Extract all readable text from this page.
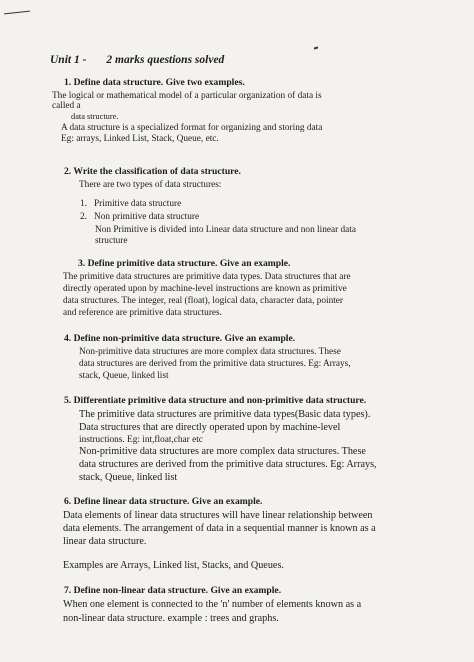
Unit 1 - 2 marks questions solved
1. Define data structure. Give two examples.
The logical or mathematical model of a particular organization of data is
called a
data structure.
A data structure is a specialized format for organizing and storing data
Eg: arrays, Linked List, Stack, Queue, etc.
2. Write the classification of data structure.
There are two types of data structures:
1. Primitive data structure
2. Non primitive data structure
Non Primitive is divided into Linear data structure and non linear data
structure
3. Define primitive data structure. Give an example.
The primitive data structures are primitive data types. Data structures that are
directly operated upon by machine-level instructions are known as primitive
data structures. The integer, real (float), logical data, character data, pointer
and reference are primitive data structures.
4. Define non-primitive data structure. Give an example.
Non-primitive data structures are more complex data structures. These
data structures are derived from the primitive data structures. Eg: Arrays,
stack, Queue, linked list
5. Differentiate primitive data structure and non-primitive data structure.
The primitive data structures are primitive data types(Basic data types).
Data structures that are directly operated upon by machine-level
instructions. Eg: int,float,char etc
Non-primitive data structures are more complex data structures. These
data structures are derived from the primitive data structures. Eg: Arrays,
stack, Queue, linked list
6. Define linear data structure. Give an example.
Data elements of linear data structures will have linear relationship between
data elements. The arrangement of data in a sequential manner is known as a
linear data structure.
Examples are Arrays, Linked list, Stacks, and Queues.
7. Define non-linear data structure. Give an example.
When one element is connected to the 'n' number of elements known as a
non-linear data structure. example : trees and graphs.
